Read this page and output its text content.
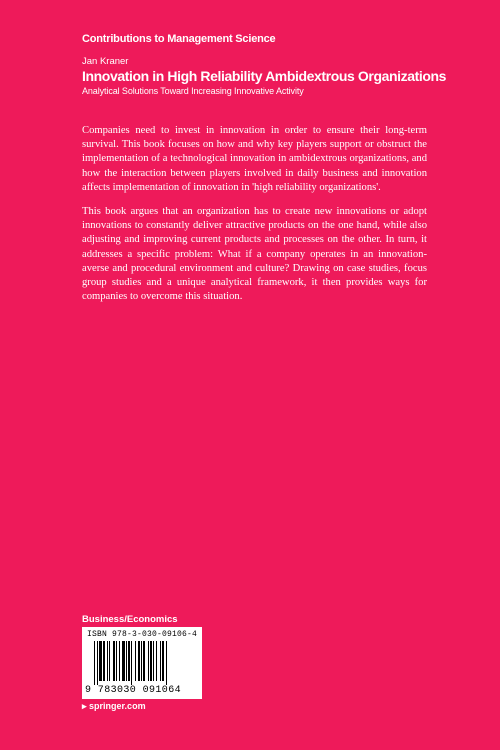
Contributions to Management Science
Jan Kraner
Innovation in High Reliability Ambidextrous Organizations
Analytical Solutions Toward Increasing Innovative Activity

Companies need to invest in innovation in order to ensure their long-term survival. This book focuses on how and why key players support or obstruct the implementation of a technological innovation in ambidextrous organizations, and how the interaction between players involved in daily business and innovation affects implementation of innovation in 'high reliability organizations'.

This book argues that an organization has to create new innovations or adopt innovations to constantly deliver attractive products on the one hand, while also adjusting and improving current products and processes on the other. In turn, it addresses a specific problem: What if a company operates in an innovation-averse and procedural environment and culture? Drawing on case studies, focus group studies and a unique analytical framework, it then provides ways for companies to overcome this situation.

Business/Economics
ISBN 978-3-030-09106-4
9 783030 091064
▸ springer.com
